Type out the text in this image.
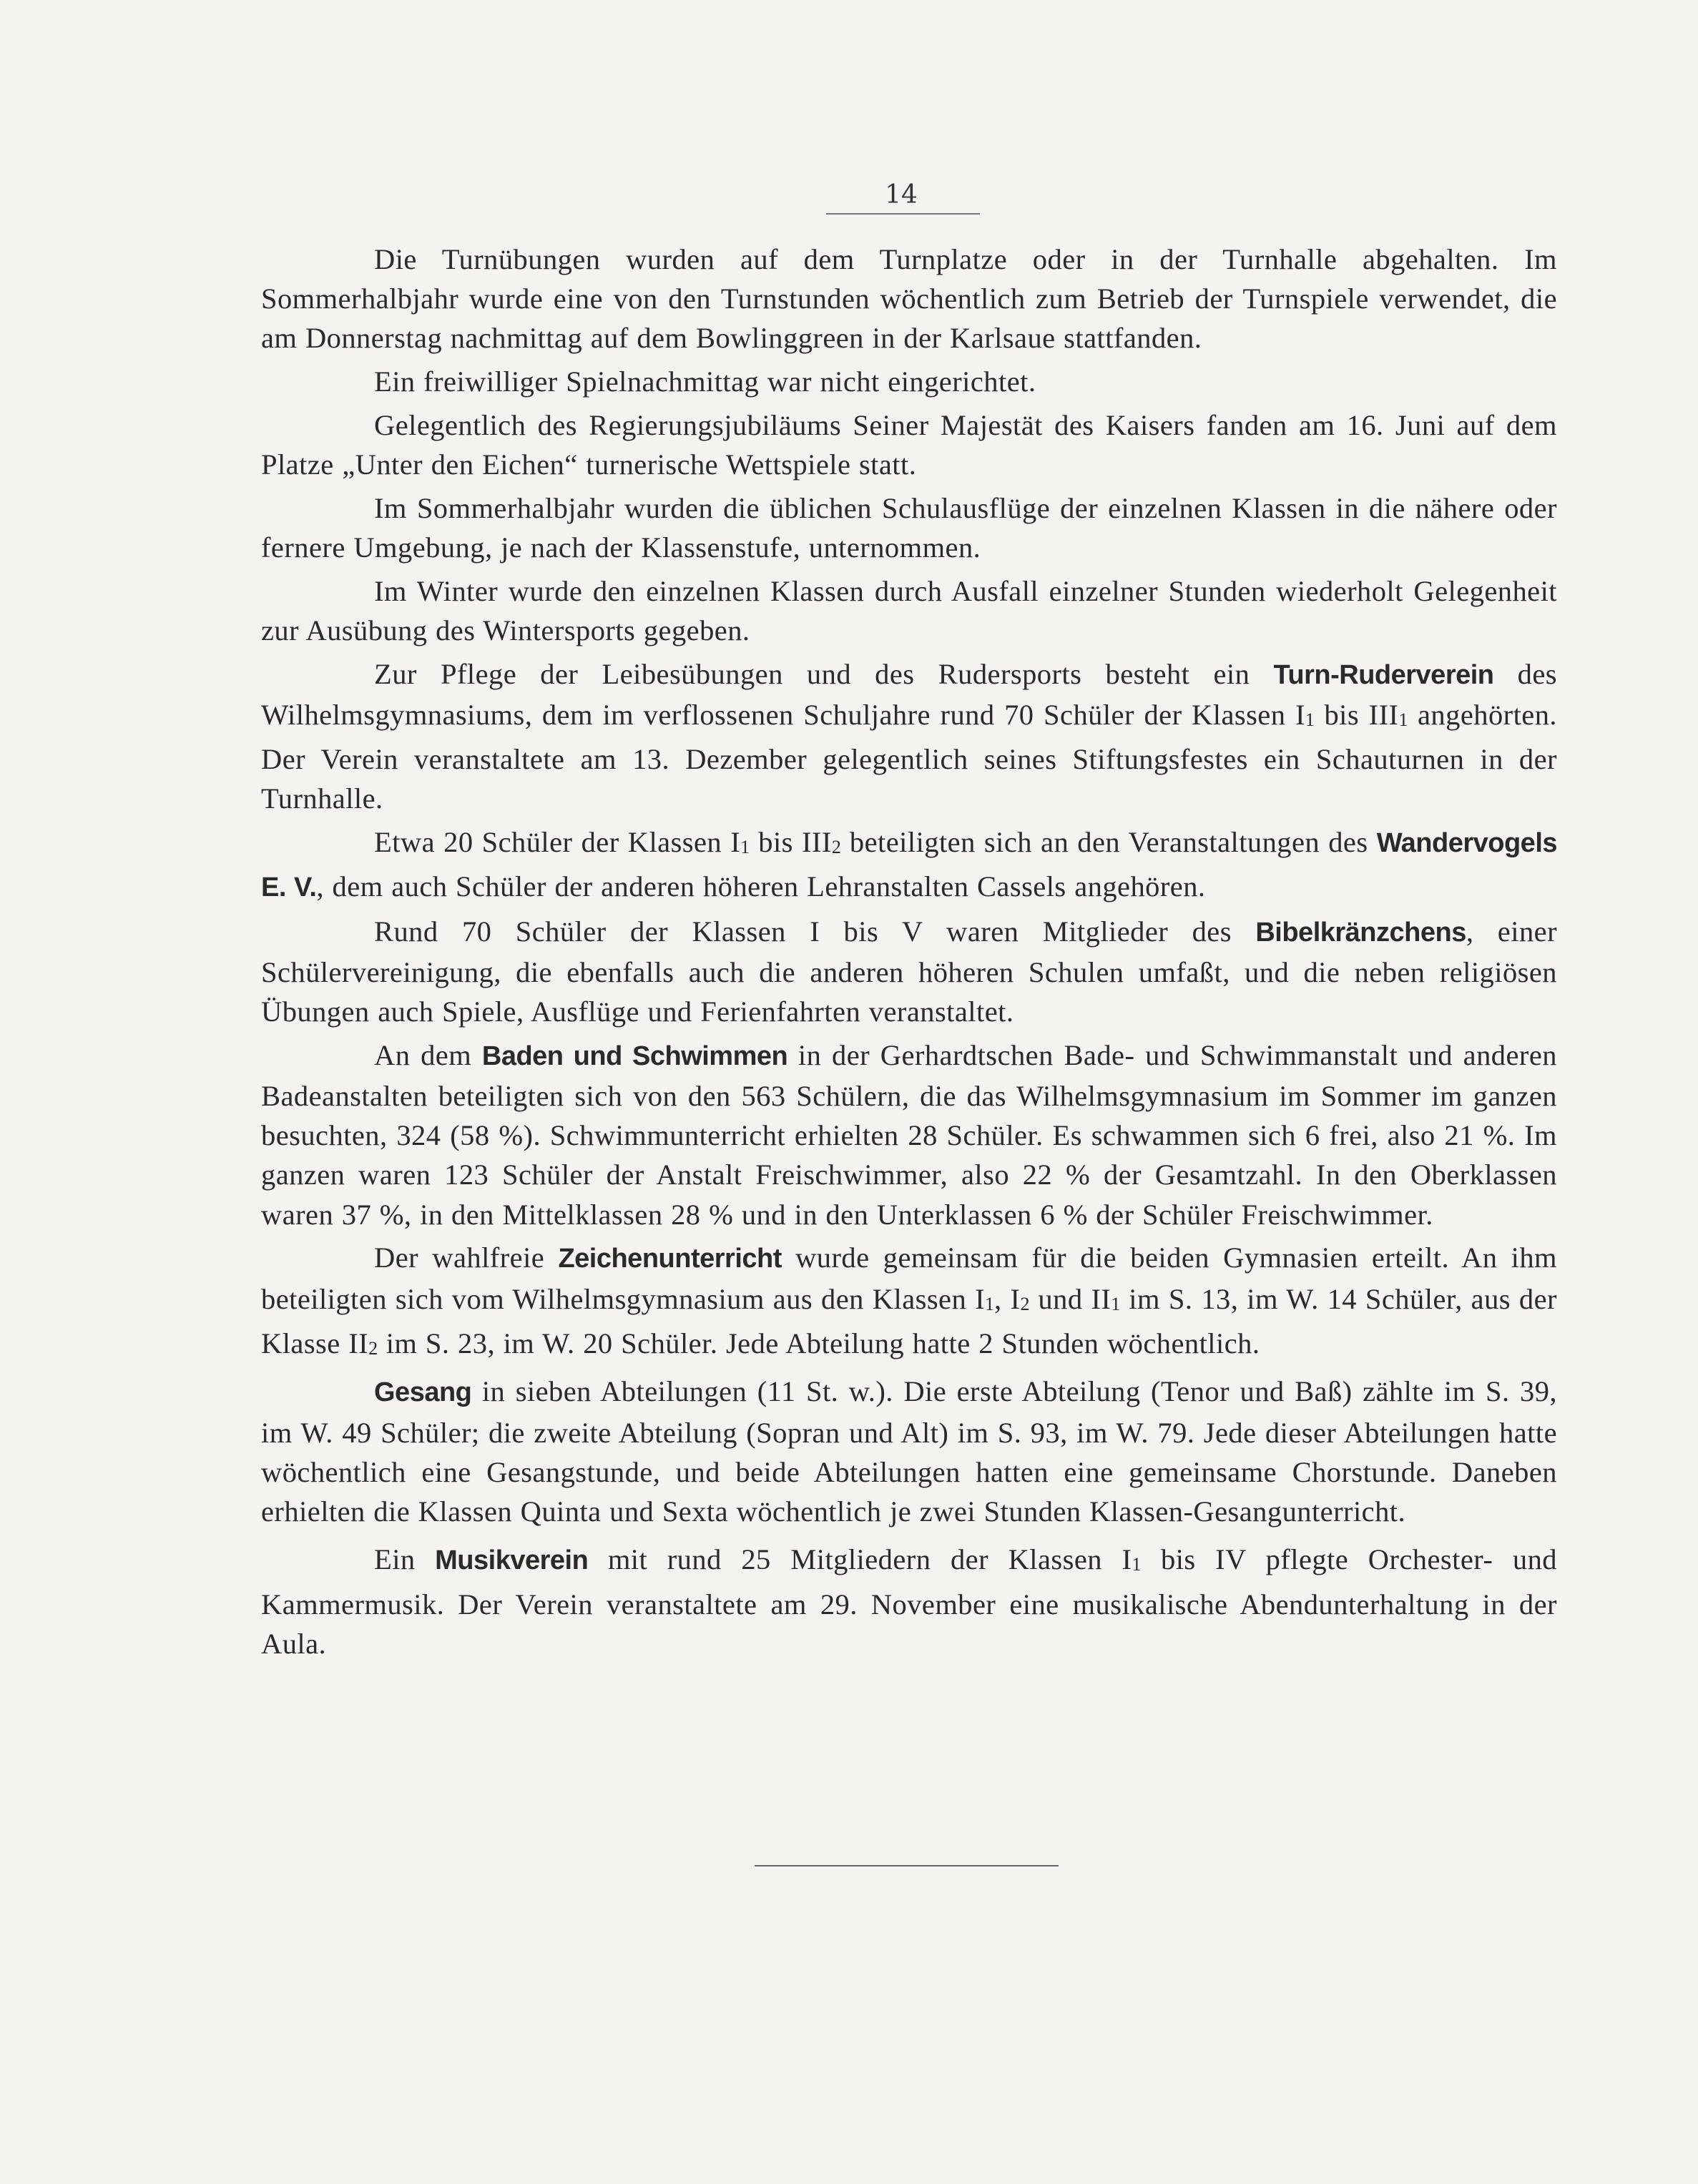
14

Die Turnübungen wurden auf dem Turnplatze oder in der Turnhalle abgehalten. Im Sommerhalbjahr wurde eine von den Turnstunden wöchentlich zum Betrieb der Turnspiele verwendet, die am Donnerstag nachmittag auf dem Bowlinggreen in der Karlsaue stattfanden.

Ein freiwilliger Spielnachmittag war nicht eingerichtet.

Gelegentlich des Regierungsjubiläums Seiner Majestät des Kaisers fanden am 16. Juni auf dem Platze „Unter den Eichen“ turnerische Wettspiele statt.

Im Sommerhalbjahr wurden die üblichen Schulausflüge der einzelnen Klassen in die nähere oder fernere Umgebung, je nach der Klassenstufe, unternommen.

Im Winter wurde den einzelnen Klassen durch Ausfall einzelner Stunden wiederholt Gelegenheit zur Ausübung des Wintersports gegeben.

Zur Pflege der Leibesübungen und des Rudersports besteht ein Turn-Ruderverein des Wilhelmsgymnasiums, dem im verflossenen Schuljahre rund 70 Schüler der Klassen I1 bis III1 angehörten. Der Verein veranstaltete am 13. Dezember gelegentlich seines Stiftungsfestes ein Schauturnen in der Turnhalle.

Etwa 20 Schüler der Klassen I1 bis III2 beteiligten sich an den Veranstaltungen des Wandervogels E. V., dem auch Schüler der anderen höheren Lehranstalten Cassels angehören.

Rund 70 Schüler der Klassen I bis V waren Mitglieder des Bibelkränzchens, einer Schülervereinigung, die ebenfalls auch die anderen höheren Schulen umfaßt, und die neben religiösen Übungen auch Spiele, Ausflüge und Ferienfahrten veranstaltet.

An dem Baden und Schwimmen in der Gerhardtschen Bade- und Schwimmanstalt und anderen Badeanstalten beteiligten sich von den 563 Schülern, die das Wilhelmsgymnasium im Sommer im ganzen besuchten, 324 (58 %). Schwimmunterricht erhielten 28 Schüler. Es schwammen sich 6 frei, also 21 %. Im ganzen waren 123 Schüler der Anstalt Freischwimmer, also 22 % der Gesamtzahl. In den Oberklassen waren 37 %, in den Mittelklassen 28 % und in den Unterklassen 6 % der Schüler Freischwimmer.

Der wahlfreie Zeichenunterricht wurde gemeinsam für die beiden Gymnasien erteilt. An ihm beteiligten sich vom Wilhelmsgymnasium aus den Klassen I1, I2 und II1 im S. 13, im W. 14 Schüler, aus der Klasse II2 im S. 23, im W. 20 Schüler. Jede Abteilung hatte 2 Stunden wöchentlich.

Gesang in sieben Abteilungen (11 St. w.). Die erste Abteilung (Tenor und Baß) zählte im S. 39, im W. 49 Schüler; die zweite Abteilung (Sopran und Alt) im S. 93, im W. 79. Jede dieser Abteilungen hatte wöchentlich eine Gesangstunde, und beide Abteilungen hatten eine gemeinsame Chorstunde. Daneben erhielten die Klassen Quinta und Sexta wöchentlich je zwei Stunden Klassen-Gesangunterricht.

Ein Musikverein mit rund 25 Mitgliedern der Klassen I1 bis IV pflegte Orchester- und Kammermusik. Der Verein veranstaltete am 29. November eine musikalische Abendunterhaltung in der Aula.
